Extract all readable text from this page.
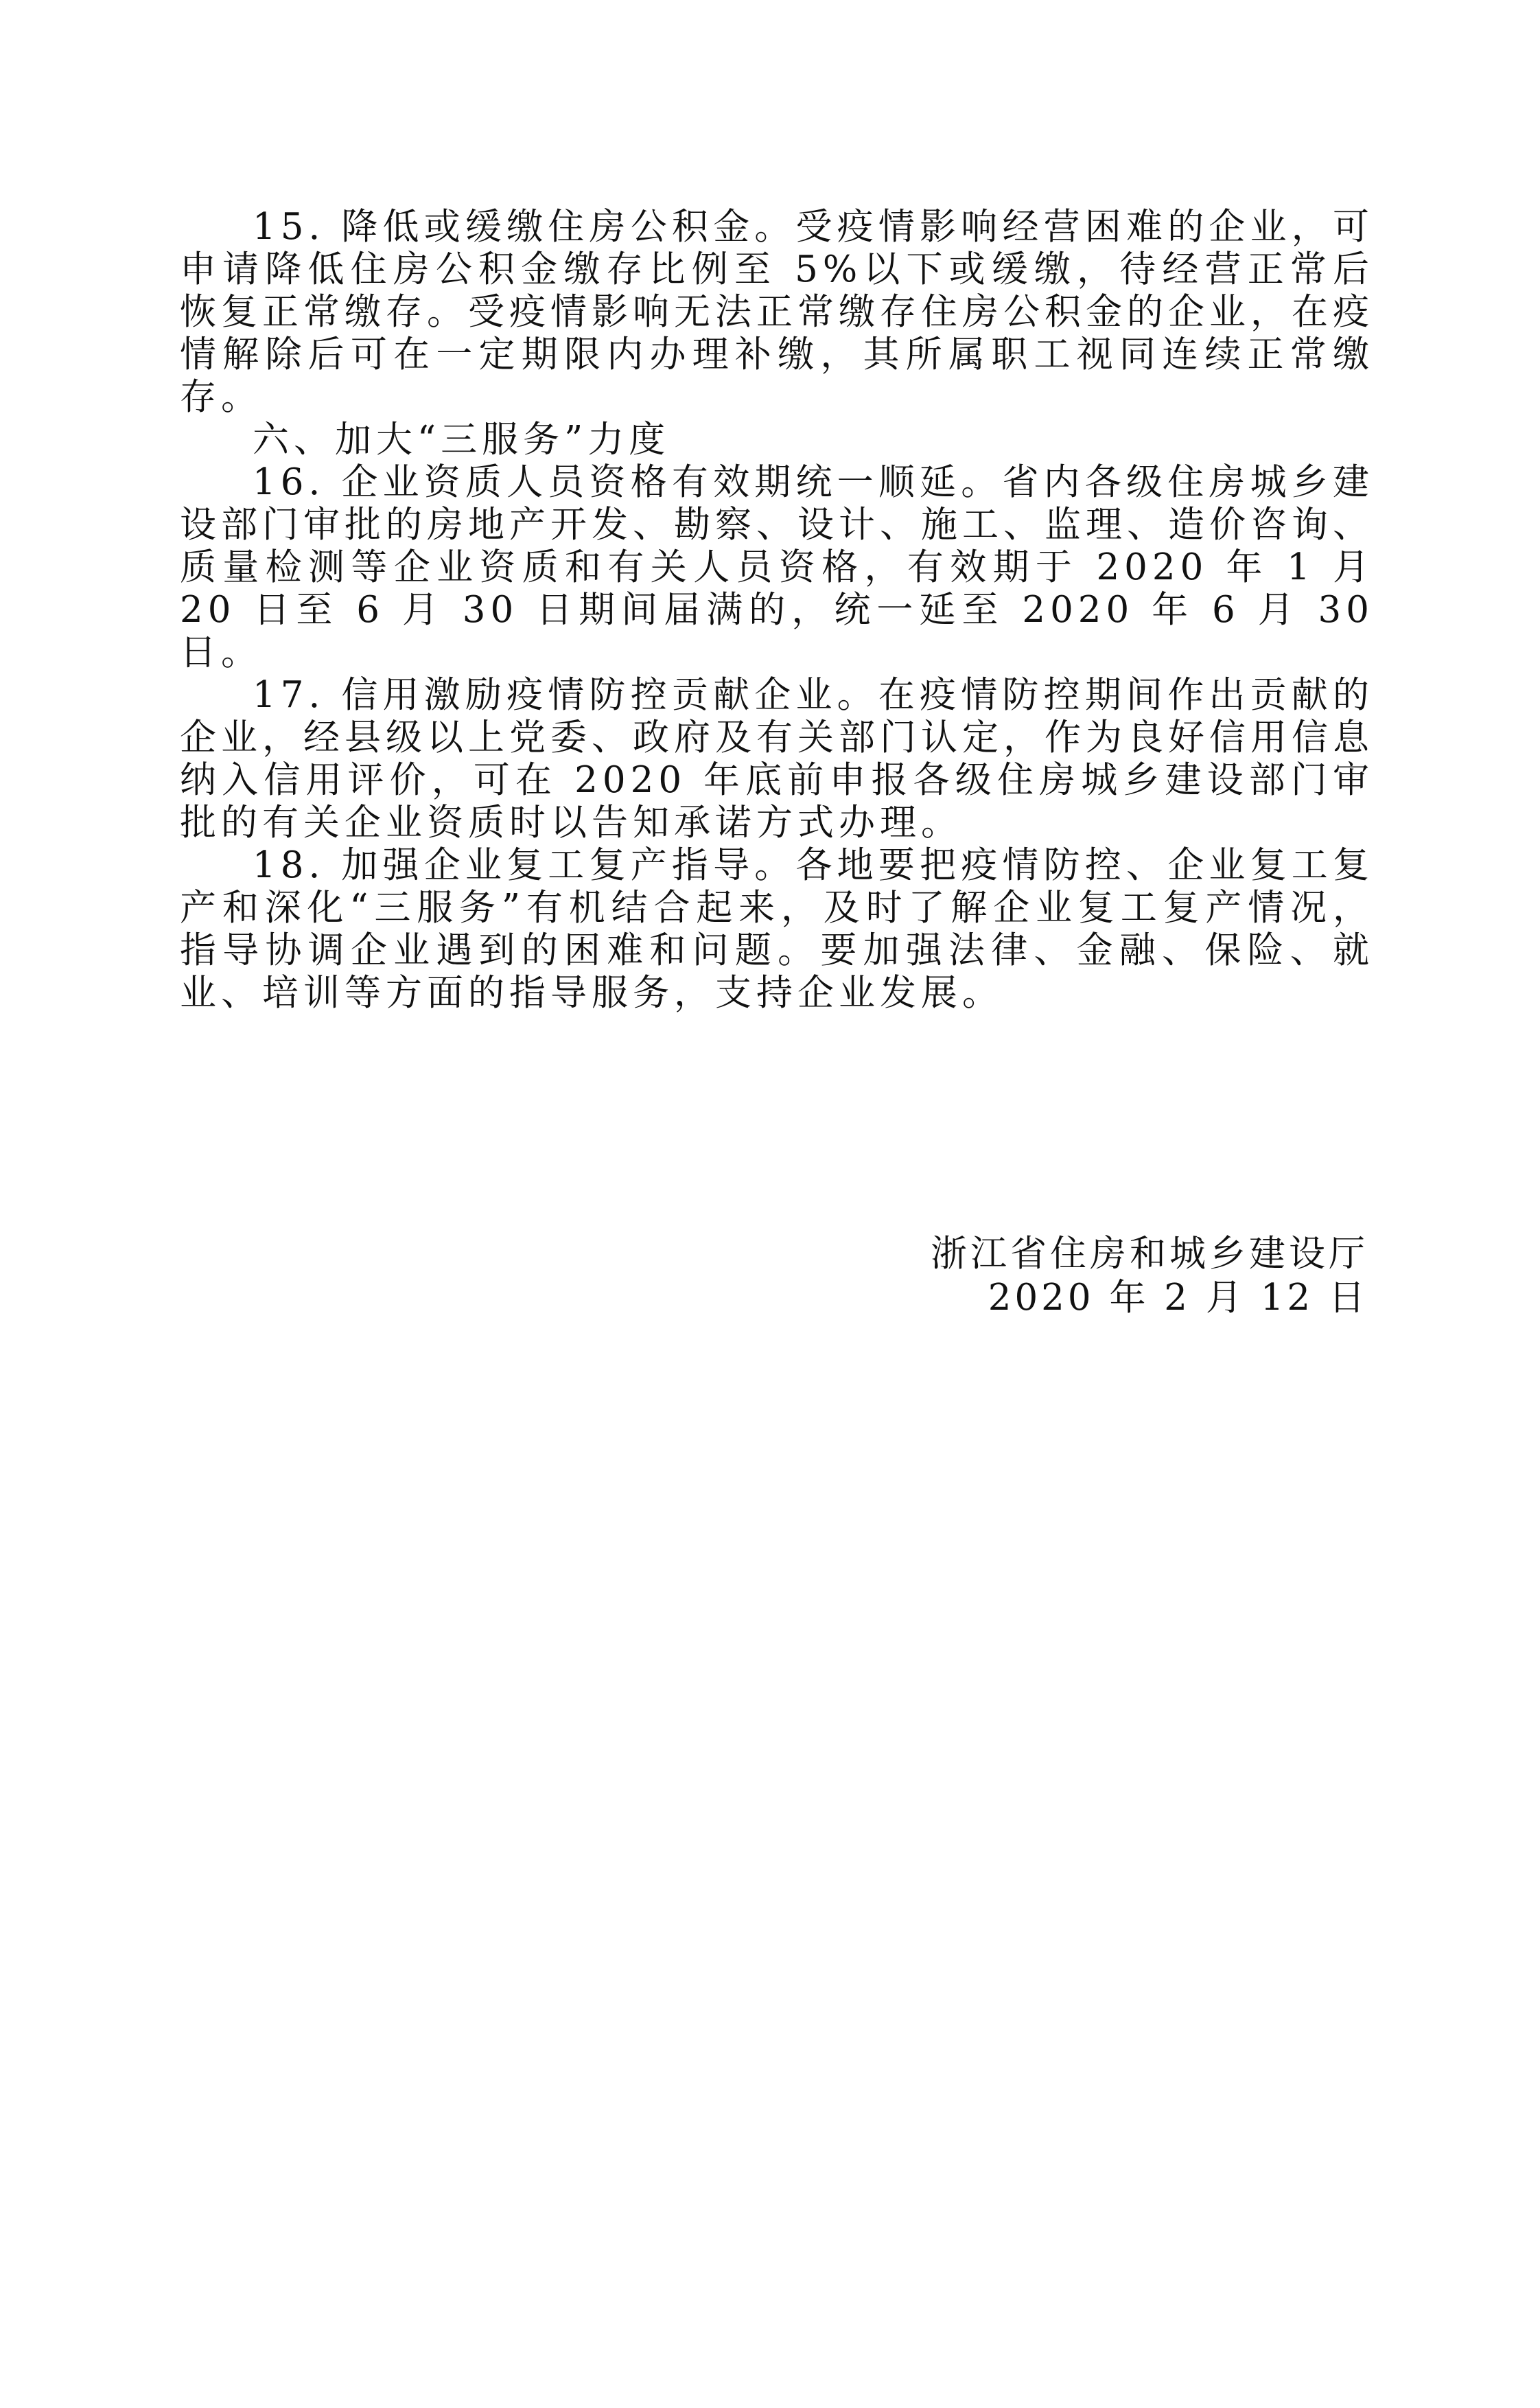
15. 降低或缓缴住房公积金。受疫情影响经营困难的企业，可申请降低住房公积金缴存比例至 5%以下或缓缴，待经营正常后恢复正常缴存。受疫情影响无法正常缴存住房公积金的企业，在疫情解除后可在一定期限内办理补缴，其所属职工视同连续正常缴存。

六、加大“三服务”力度

16. 企业资质人员资格有效期统一顺延。省内各级住房城乡建设部门审批的房地产开发、勘察、设计、施工、监理、造价咨询、质量检测等企业资质和有关人员资格，有效期于 2020 年 1 月 20 日至 6 月 30 日期间届满的，统一延至 2020 年 6 月 30 日。

17. 信用激励疫情防控贡献企业。在疫情防控期间作出贡献的企业，经县级以上党委、政府及有关部门认定，作为良好信用信息纳入信用评价，可在 2020 年底前申报各级住房城乡建设部门审批的有关企业资质时以告知承诺方式办理。

18. 加强企业复工复产指导。各地要把疫情防控、企业复工复产和深化“三服务”有机结合起来，及时了解企业复工复产情况，指导协调企业遇到的困难和问题。要加强法律、金融、保险、就业、培训等方面的指导服务，支持企业发展。

浙江省住房和城乡建设厅
2020 年 2 月 12 日
